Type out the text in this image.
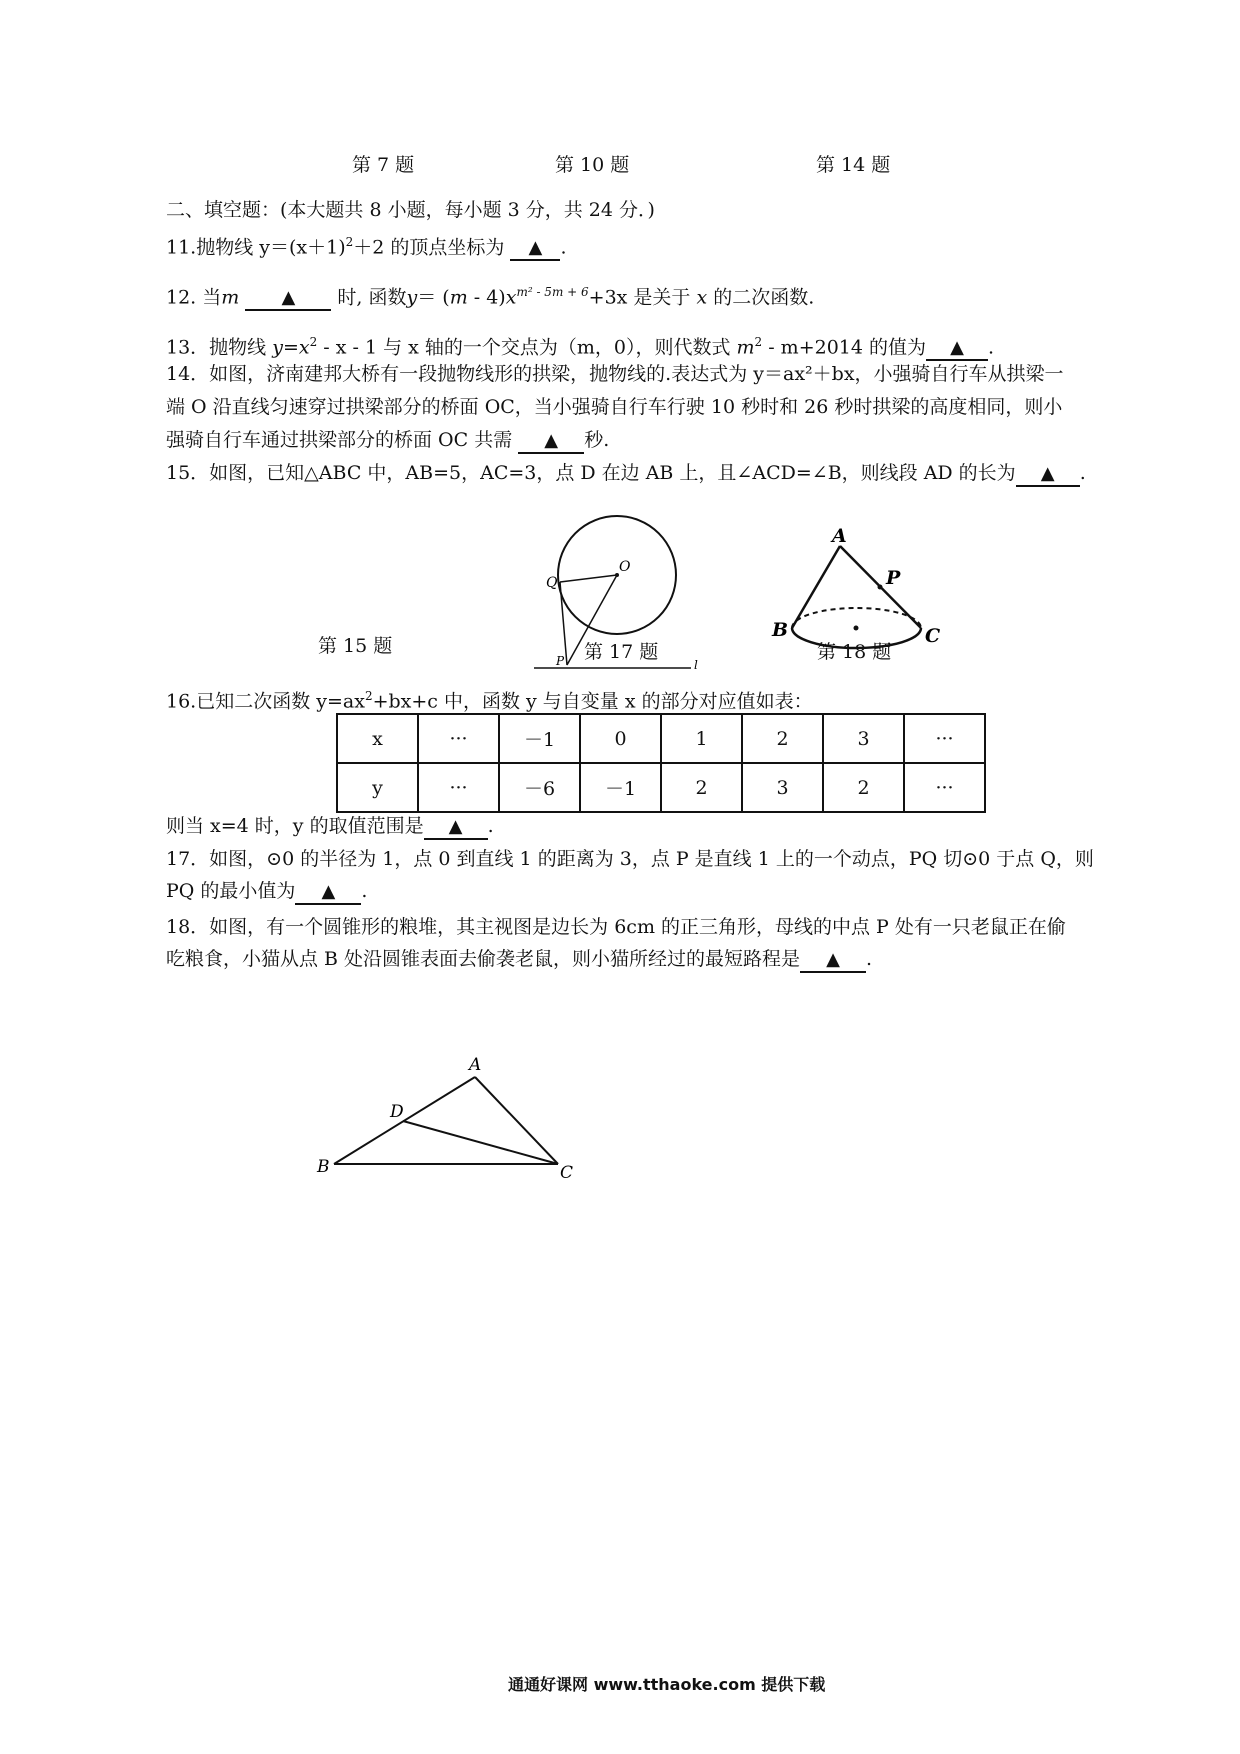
第 7 题	第 10 题	第 14 题
二、填空题：(本大题共 8 小题，每小题 3 分，共 24 分．)
11.抛物线 $y=(x+1)^2+2$ 的顶点坐标为 ▲ .
12. 当m ▲ 时, 函数$y= (m - 4)x^{m^2 - 5m + 6}+3x$ 是关于 x 的二次函数.
13．抛物线 $y=x^2 - x - 1$ 与 x 轴的一个交点为（m，0），则代数式 $m^2 - m+2014$ 的值为 ▲ .
14．如图，济南建邦大桥有一段抛物线形的拱梁，抛物线的.表达式为 y＝ax²＋bx，小强骑自行车从拱梁一
端 O 沿直线匀速穿过拱梁部分的桥面 OC，当小强骑自行车行驶 10 秒时和 26 秒时拱梁的高度相同，则小
强骑自行车通过拱梁部分的桥面 OC 共需 ▲ 秒.
15．如图，已知△ABC 中，AB=5，AC=3，点 D 在边 AB 上，且∠ACD=∠B，则线段 AD 的长为 ▲ .
Q
O
P	l
A
P
B	C
第 15 题	第 17 题	第 18 题
16.已知二次函数 $y=ax^2+bx+c$ 中，函数 y 与自变量 x 的部分对应值如表：
x	···	－1	0	1	2	3	···
y	···	－6	－1	2	3	2	···
则当 x=4 时，y 的取值范围是 ▲ .
17．如图，⊙0 的半径为 1，点 0 到直线 1 的距离为 3，点 P 是直线 1 上的一个动点，PQ 切⊙0 于点 Q，则
PQ 的最小值为 ▲ .
18．如图，有一个圆锥形的粮堆，其主视图是边长为 6cm 的正三角形，母线的中点 P 处有一只老鼠正在偷
吃粮食，小猫从点 B 处沿圆锥表面去偷袭老鼠，则小猫所经过的最短路程是 ▲ .
A
D
B	C
通通好课网 www.tthaoke.com 提供下载
